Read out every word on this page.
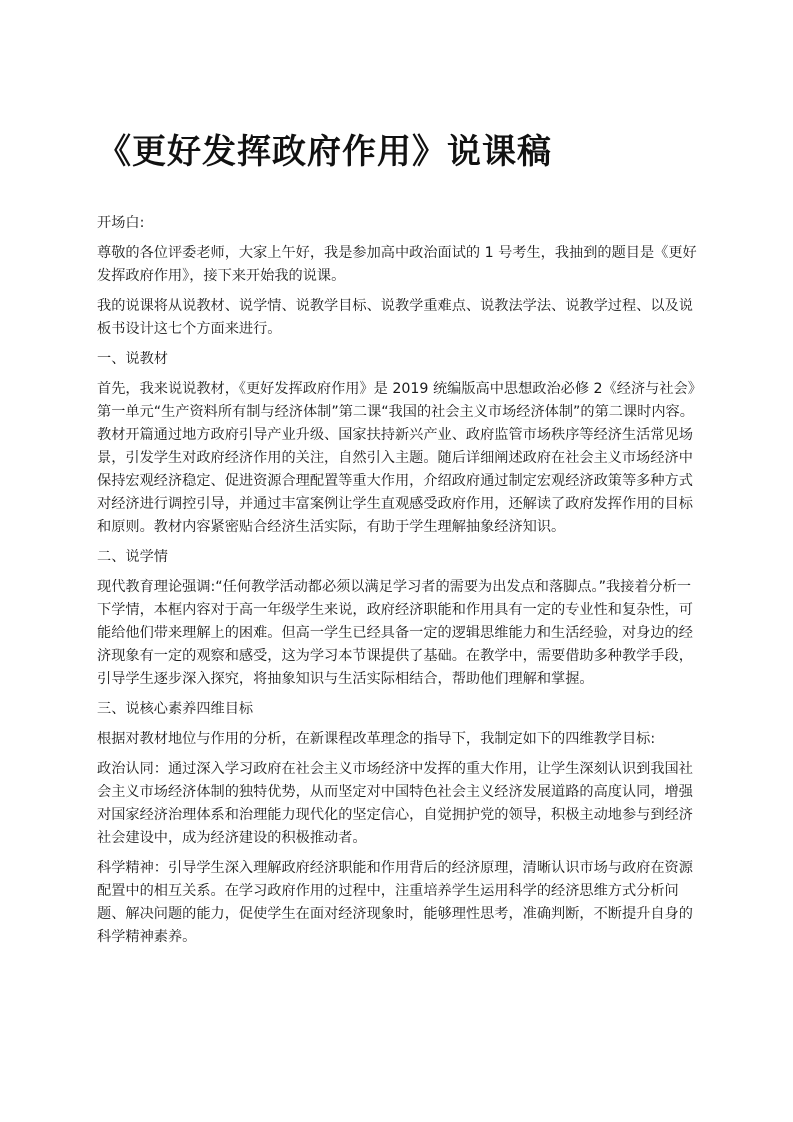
《更好发挥政府作用》说课稿

开场白:

尊敬的各位评委老师，大家上午好，我是参加高中政治面试的 1 号考生，我抽到的题目是《更好发挥政府作用》，接下来开始我的说课。

我的说课将从说教材、说学情、说教学目标、说教学重难点、说教法学法、说教学过程、以及说板书设计这七个方面来进行。

一、说教材

首先，我来说说教材，《更好发挥政府作用》是 2019 统编版高中思想政治必修 2《经济与社会》第一单元“生产资料所有制与经济体制”第二课“我国的社会主义市场经济体制”的第二课时内容。教材开篇通过地方政府引导产业升级、国家扶持新兴产业、政府监管市场秩序等经济生活常见场景，引发学生对政府经济作用的关注，自然引入主题。随后详细阐述政府在社会主义市场经济中保持宏观经济稳定、促进资源合理配置等重大作用，介绍政府通过制定宏观经济政策等多种方式对经济进行调控引导，并通过丰富案例让学生直观感受政府作用，还解读了政府发挥作用的目标和原则。教材内容紧密贴合经济生活实际，有助于学生理解抽象经济知识。

二、说学情

现代教育理论强调:“任何教学活动都必须以满足学习者的需要为出发点和落脚点。”我接着分析一下学情，本框内容对于高一年级学生来说，政府经济职能和作用具有一定的专业性和复杂性，可能给他们带来理解上的困难。但高一学生已经具备一定的逻辑思维能力和生活经验，对身边的经济现象有一定的观察和感受，这为学习本节课提供了基础。在教学中，需要借助多种教学手段，引导学生逐步深入探究，将抽象知识与生活实际相结合，帮助他们理解和掌握。

三、说核心素养四维目标

根据对教材地位与作用的分析，在新课程改革理念的指导下，我制定如下的四维教学目标:

政治认同：通过深入学习政府在社会主义市场经济中发挥的重大作用，让学生深刻认识到我国社会主义市场经济体制的独特优势，从而坚定对中国特色社会主义经济发展道路的高度认同，增强对国家经济治理体系和治理能力现代化的坚定信心，自觉拥护党的领导，积极主动地参与到经济社会建设中，成为经济建设的积极推动者。

科学精神：引导学生深入理解政府经济职能和作用背后的经济原理，清晰认识市场与政府在资源配置中的相互关系。在学习政府作用的过程中，注重培养学生运用科学的经济思维方式分析问题、解决问题的能力，促使学生在面对经济现象时，能够理性思考，准确判断，不断提升自身的科学精神素养。
